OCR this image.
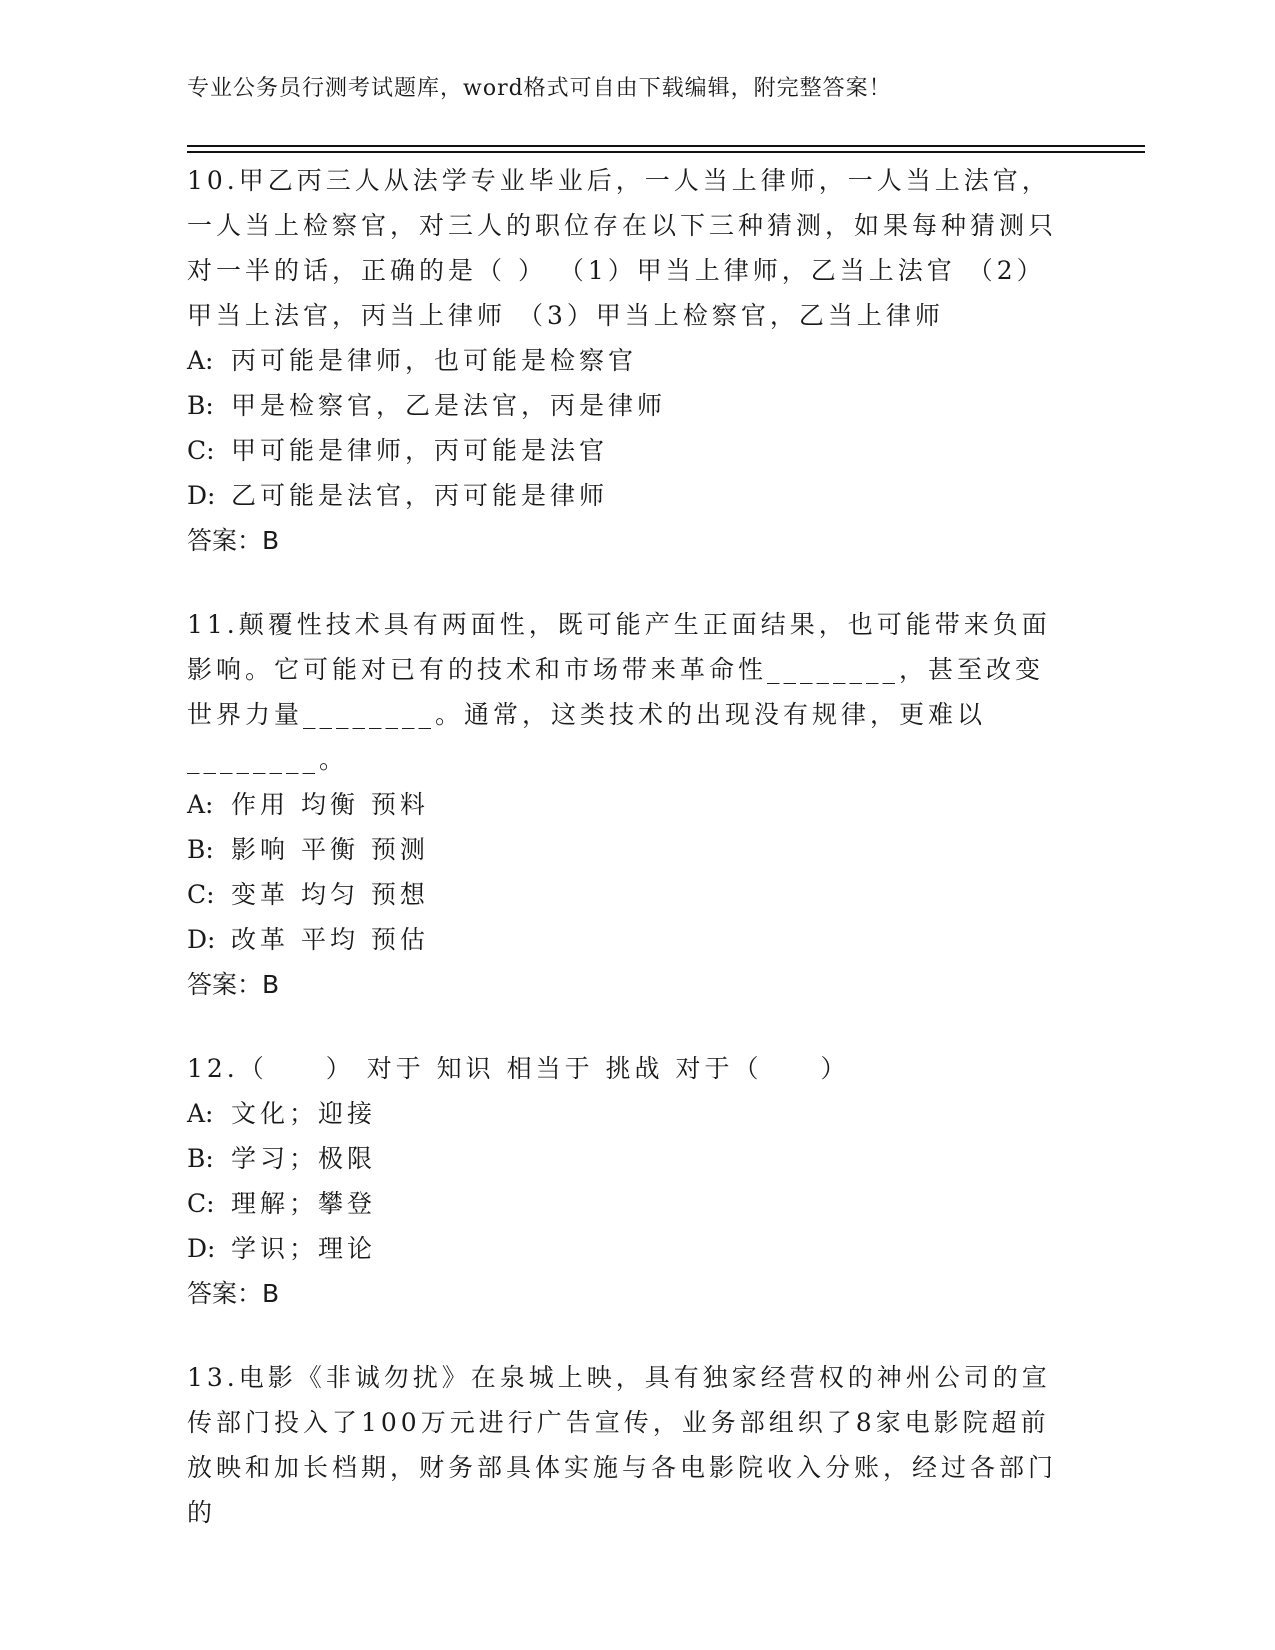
专业公务员行测考试题库，word格式可自由下载编辑，附完整答案！

10.甲乙丙三人从法学专业毕业后，一人当上律师，一人当上法官，一人当上检察官，对三人的职位存在以下三种猜测，如果每种猜测只对一半的话，正确的是（ ） （1）甲当上律师，乙当上法官 （2）甲当上法官，丙当上律师 （3）甲当上检察官，乙当上律师

A: 丙可能是律师，也可能是检察官

B: 甲是检察官，乙是法官，丙是律师

C: 甲可能是律师，丙可能是法官

D: 乙可能是法官，丙可能是律师

答案：B

11.颠覆性技术具有两面性，既可能产生正面结果，也可能带来负面影响。它可能对已有的技术和市场带来革命性________，甚至改变世界力量________。通常，这类技术的出现没有规律，更难以________。

A: 作用 均衡 预料

B: 影响 平衡 预测

C: 变革 均匀 预想

D: 改革 平均 预估

答案：B

12.（　　） 对于 知识 相当于 挑战 对于（　　）

A: 文化；迎接

B: 学习；极限

C: 理解；攀登

D: 学识；理论

答案：B

13.电影《非诚勿扰》在泉城上映，具有独家经营权的神州公司的宣传部门投入了100万元进行广告宣传，业务部组织了8家电影院超前放映和加长档期，财务部具体实施与各电影院收入分账，经过各部门的
